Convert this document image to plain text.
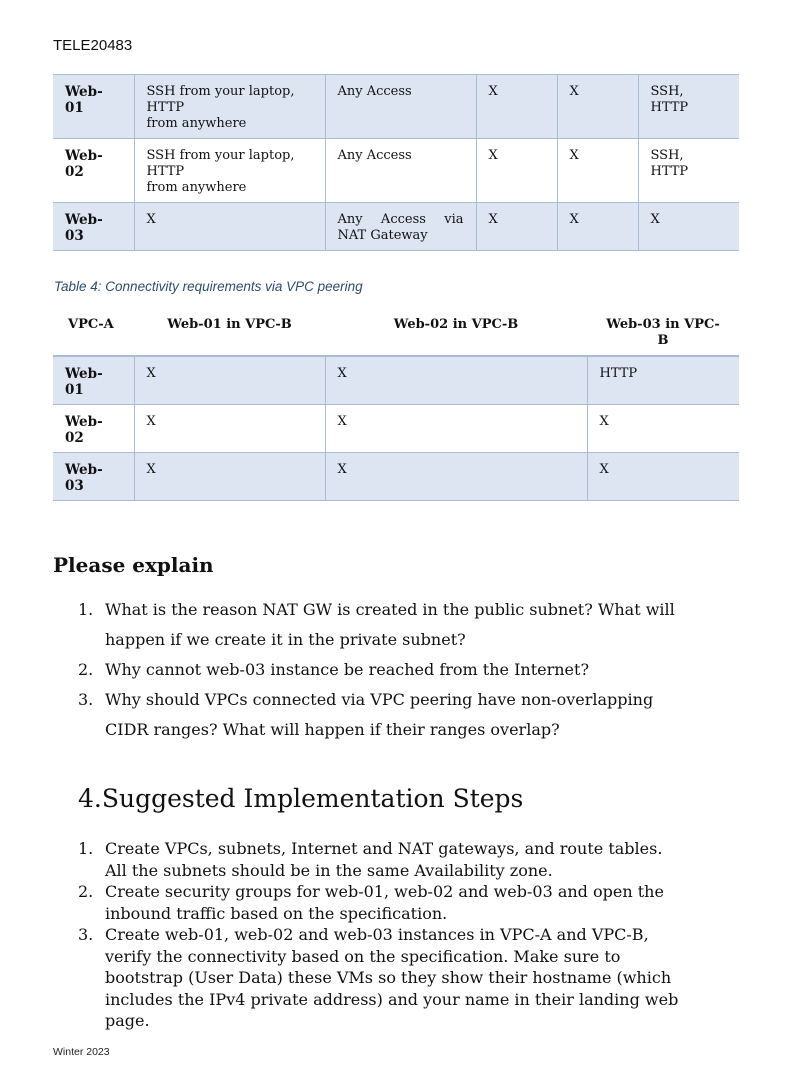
TELE20483
Web-
01	SSH from your laptop,
HTTP
from anywhere	Any Access	X	X	SSH,
HTTP
Web-
02	SSH from your laptop,
HTTP
from anywhere	Any Access	X	X	SSH,
HTTP
Web-
03	X	Any Access via
NAT Gateway	X	X	X
Table 4: Connectivity requirements via VPC peering
VPC-A	Web-01 in VPC-B	Web-02 in VPC-B	Web-03 in VPC-
B
Web-
01	X	X	HTTP
Web-
02	X	X	X
Web-
03	X	X	X
Please explain
1. What is the reason NAT GW is created in the public subnet? What will
happen if we create it in the private subnet?
2. Why cannot web-03 instance be reached from the Internet?
3. Why should VPCs connected via VPC peering have non-overlapping
CIDR ranges? What will happen if their ranges overlap?
4.Suggested Implementation Steps
1. Create VPCs, subnets, Internet and NAT gateways, and route tables.
All the subnets should be in the same Availability zone.
2. Create security groups for web-01, web-02 and web-03 and open the
inbound traffic based on the specification.
3. Create web-01, web-02 and web-03 instances in VPC-A and VPC-B,
verify the connectivity based on the specification. Make sure to
bootstrap (User Data) these VMs so they show their hostname (which
includes the IPv4 private address) and your name in their landing web
page.
Winter 2023
